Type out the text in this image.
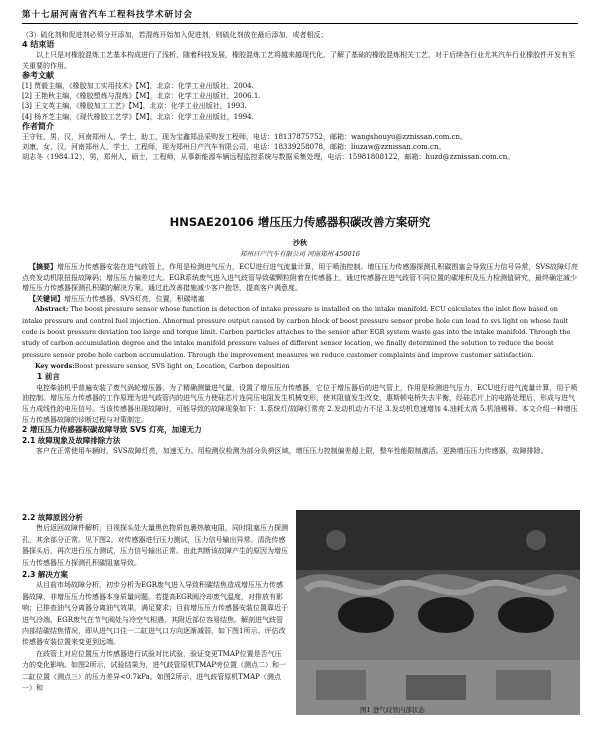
第十七届河南省汽车工程科技学术研讨会

（3）硫化剂和促进剂必须分开添加，若混炼开始加入促进剂，则硫化剂放在最后添加，或者相反；

4 结束语

以上只是对橡胶混炼工艺基本构成进行了浅析，随着科技发展，橡胶混炼工艺将越来越现代化，了解了基础的橡胶混炼相关工艺，对于后续各行业尤其汽车行业橡胶件开发有至关重要的作用。

参考文献

[1] 贾毅主编，《橡胶加工实用技术》【M】，北京：化学工业出版社，2004.

[2] 王艳秋主编，《橡胶塑炼与混炼》【M】，北京：化学工业出版社，2006.1.

[3] 王文英主编，《橡胶加工工艺》【M】，北京：化学工业出版社，1993.

[4] 杨齐芝主编，《现代橡胶工艺学》【M】，北京：化学工业出版社，1994.

作者简介

王守钰，男，汉，河南郑州人，学士，助工，现为宝鑫郑品采购发工程师，电话：18137875752，邮箱：wangshouyu@zznissan.com.cn。

刘康，女，汉，河南郑州人，学士，工程师，现为郑州日产汽车有限公司，电话：18339258078，邮箱：liuzaw@zznissan.com.cn。

胡志冬（1984.12），男，郑州人，硕士，工程师，从事新能源车辆远程监控系统与数据采集处理，电话：15981808122，邮箱：huzd@zznissan.com.cn。

HNSAE20106 增压压力传感器积碳改善方案研究
沙秋
郑州日产汽车有限公司 河南郑州 450016

【摘要】增压压力传感器安装在进气歧管上，作用是检测进气压力，ECU进行进气流量计算，用于喷油控制。增压压力传感器探测孔积碳围塞会导致压力信号异常，SVS故障灯亮点亮发动机限扭报故障码；增压压力偏差过大。EGR系统废气进入进气歧管导致碳颗粒附着在传感器上，通过传感器在进气歧管不同位置的碳堆积及压力检测值研究，最终确定减少增压压力传感器探测孔积碳的解决方案。通过此改善措施减少客户抱怨，提高客户满意度。

【关键词】增压压力传感器，SVS灯亮，位置，积碳堵塞

Abstract: The boost pressure sensor whose function is detection of intake pressure is installed on the intake manifold. ECU calculates the inlet flow based on intake pressure and control fuel injection. Abnormal pressure output caused by carbon block of boost pressure sensor probe hole can lead to svs light on whose fault code is boost pressure deviation too large and torque limit. Carbon particles attaches to the sensor after EGR system waste gas into the intake manifold. Through the study of carbon accumulation degree and the intake manifold pressure values of different sensor location, we finally determined the solution to reduce the boost pressure sensor probe hole carbon accumulation. Through the improvement measures we reduce customer complaints and improve customer satisfaction.

Key words:Boost pressure sensor, SVS light on, Location, Carbon deposition

1 前言

电控柴油机乎普遍安装了废气涡轮增压器，为了精确测量进气量，设置了增压压力传感器，它位于增压器后的进气管上，作用是检测进气压力，ECU进行进气流量计算，用于喷油控制。增压压力传感器的工作原理为进气歧管内的进气压力使硅芯片连同压电阻发生机械变形，使其阻值发生改变，惠斯顿电桥失去平衡，经硅芯片上的电路处理后，形成与进气压力成线性的电压信号。当该传感器出现故障时，可能导致的故障现象如下：1.系统灯/故障灯常亮 2.发动机动力不足 3.发动机怠速增加 4.油耗太高 5.机油稀释。本文介绍一种增压压力传感器故障的诊断过程与对策制定。

2 增压压力传感器积碳故障导致 SVS 灯亮，加速无力

2.1 故障现象及故障排除方法

客户在正常使用车辆时，SVS故障灯亮，加速无力。用检测仪检测为部分负荷区域，增压压力控制偏差超上限，整车性能限制激活。更换增压压力传感器，故障排除。

2.2 故障原因分析

售后返回故障件解析，目视探头处大量黑色物质包裹热敏电阻，同时阻塞压力探测孔，其余部分正常。见下图2。对传感器进行压力测试，压力信号输出异常。清洗传感器探头后，再次进行压力测试，压力信号输出正常。由此判断该故障产生的原因为增压压力传感器压力探测孔积碳阻塞导致。

2.3 解决方案

从目前市场故障分析，初步分析为EGR废气进入导致积碳结焦造成增压压力传感器故障，非增压压力传感器本身质量问题。若提高EGR阀冷却废气温度，对排放有影响；已排查油气分离器分离油气效果，满足要求；目前增压压力传感器安装位置靠近于进气冷端，EGR废气在节气阀处与冷空气相遇，其附近部位容易结焦。解剖进气歧管内部结碳结焦情况，即从进气口往一二缸进气口方向逐渐减弱，如下图1所示。评估改传感器安装位置来变更到远端。

在歧管上对应位置压力传感器进行试验对比试验，验证变更TMAP位置是否气压力的变化影响。如图2所示，试验结果为，进气歧管原机TMAP旁位置（测点二）和一二缸位置（测点三）的压力差异<0.7kPa。如图2所示，进气歧管原机TMAP（测点一）和

图1 进气歧管内部状态
